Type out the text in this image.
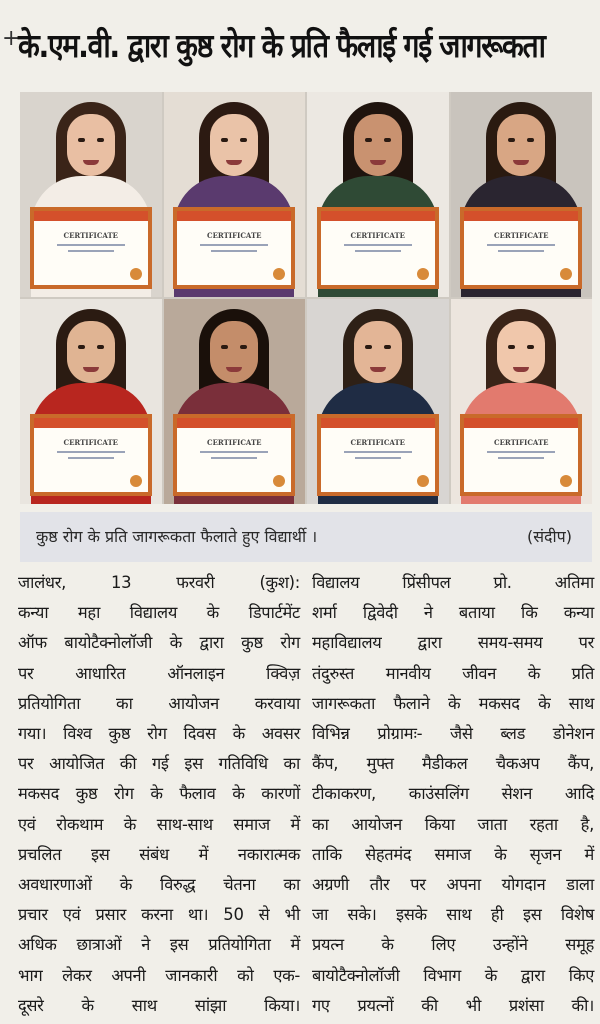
+
के.एम.वी. द्वारा कुष्ठ रोग के प्रति फैलाई गई जागरूकता
CERTIFICATE	CERTIFICATE	CERTIFICATE	CERTIFICATE
CERTIFICATE	CERTIFICATE	CERTIFICATE	CERTIFICATE
कुष्ठ रोग के प्रति जागरूकता फैलाते हुए विद्यार्थी ।	(संदीप)
जालंधर, 13 फरवरी (कुश):
कन्या महा विद्यालय के डिपार्टमेंट
ऑफ बायोटैक्नोलॉजी के द्वारा कुष्ठ रोग
पर आधारित ऑनलाइन क्विज़
प्रतियोगिता का आयोजन करवाया
गया। विश्व कुष्ठ रोग दिवस के अवसर
पर आयोजित की गई इस गतिविधि का
मकसद कुष्ठ रोग के फैलाव के कारणों
एवं रोकथाम के साथ-साथ समाज में
प्रचलित इस संबंध में नकारात्मक
अवधारणाओं के विरुद्ध चेतना का
प्रचार एवं प्रसार करना था। 50 से भी
अधिक छात्राओं ने इस प्रतियोगिता में
भाग लेकर अपनी जानकारी को एक-
दूसरे के साथ सांझा किया।
विद्यालय प्रिंसीपल प्रो. अतिमा
शर्मा द्विवेदी ने बताया कि कन्या
महाविद्यालय द्वारा समय-समय पर
तंदुरुस्त मानवीय जीवन के प्रति
जागरूकता फैलाने के मकसद के साथ
विभिन्न प्रोग्रामः- जैसे ब्लड डोनेशन
कैंप, मुफ्त मैडीकल चैकअप कैंप,
टीकाकरण, काउंसलिंग सेशन आदि
का आयोजन किया जाता रहता है,
ताकि सेहतमंद समाज के सृजन में
अग्रणी तौर पर अपना योगदान डाला
जा सके। इसके साथ ही इस विशेष
प्रयत्न के लिए उन्होंने समूह
बायोटैक्नोलॉजी विभाग के द्वारा किए
गए प्रयत्नों की भी प्रशंसा की।
